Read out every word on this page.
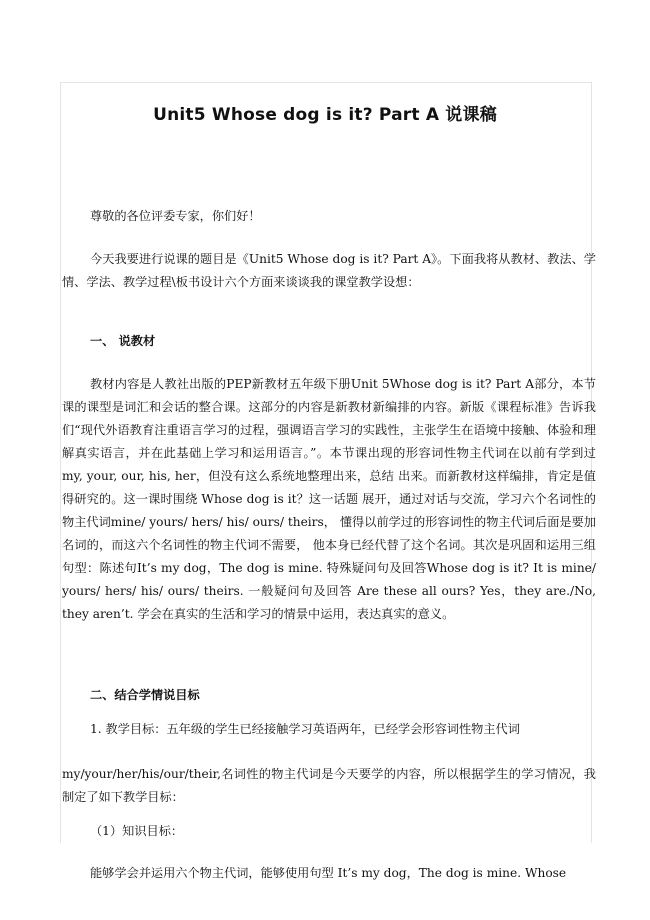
Unit5 Whose dog is it? Part A 说课稿
尊敬的各位评委专家，你们好！
今天我要进行说课的题目是《Unit5 Whose dog is it? Part A》。下面我将从教材、教法、学情、学法、教学过程\板书设计六个方面来谈谈我的课堂教学设想：
一、 说教材
教材内容是人教社出版的PEP新教材五年级下册Unit 5Whose dog is it? Part A部分，本节课的课型是词汇和会话的整合课。这部分的内容是新教材新编排的内容。新版《课程标准》告诉我们“现代外语教育注重语言学习的过程，强调语言学习的实践性，主张学生在语境中接触、体验和理解真实语言，并在此基础上学习和运用语言。”。本节课出现的形容词性物主代词在以前有学到过 my, your, our, his, her，但没有这么系统地整理出来，总结 出来。而新教材这样编排，肯定是值得研究的。这一课时围绕 Whose dog is it？这一话题 展开，通过对话与交流，学习六个名词性的物主代词mine/ yours/ hers/ his/ ours/ theirs， 懂得以前学过的形容词性的物主代词后面是要加名词的，而这六个名词性的物主代词不需要， 他本身已经代替了这个名词。其次是巩固和运用三组句型：陈述句It’s my dog，The dog is mine. 特殊疑问句及回答Whose dog is it? It is mine/ yours/ hers/ his/ ours/ theirs. 一般疑问句及回答 Are these all ours? Yes，they are./No, they aren’t. 学会在真实的生活和学习的情景中运用，表达真实的意义。
二、结合学情说目标
1. 教学目标：五年级的学生已经接触学习英语两年，已经学会形容词性物主代词
my/your/her/his/our/their,名词性的物主代词是今天要学的内容，所以根据学生的学习情况，我制定了如下教学目标：
（1）知识目标：
能够学会并运用六个物主代词，能够使用句型 It’s my dog，The dog is mine. Whose
